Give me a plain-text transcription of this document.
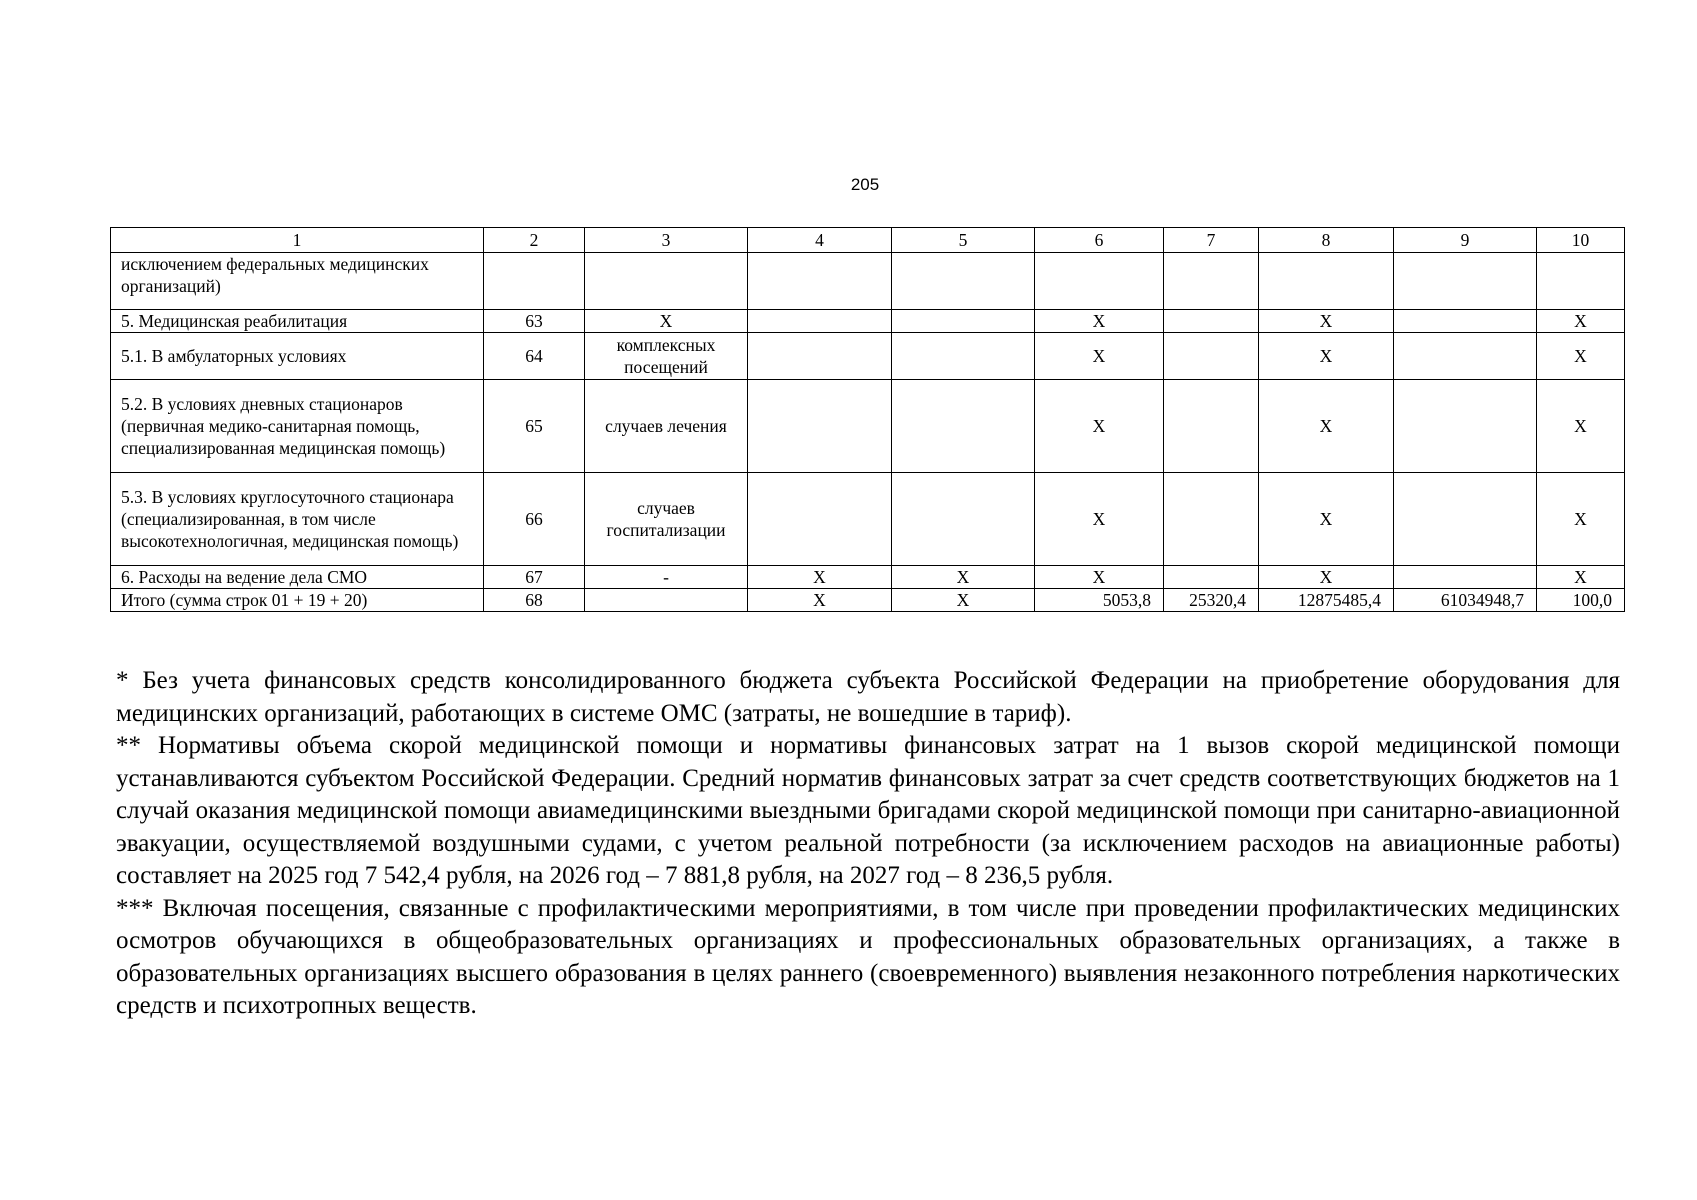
205
1	2	3	4	5	6	7	8	9	10
исключением федеральных медицинских организаций)									
5. Медицинская реабилитация	63	X			X		X		X
5.1. В амбулаторных условиях	64	комплексных посещений			X		X		X
5.2. В условиях дневных стационаров (первичная медико-санитарная помощь, специализированная медицинская помощь)	65	случаев лечения			X		X		X
5.3. В условиях круглосуточного стационара (специализированная, в том числе высокотехнологичная, медицинская помощь)	66	случаев госпитализации			X		X		X
6. Расходы на ведение дела СМО	67	-	X	X	X		X		X
Итого (сумма строк 01 + 19 + 20)	68		X	X	5053,8	25320,4	12875485,4	61034948,7	100,0

* Без учета финансовых средств консолидированного бюджета субъекта Российской Федерации на приобретение оборудования для медицинских организаций, работающих в системе ОМС (затраты, не вошедшие в тариф).

** Нормативы объема скорой медицинской помощи и нормативы финансовых затрат на 1 вызов скорой медицинской помощи устанавливаются субъектом Российской Федерации. Средний норматив финансовых затрат за счет средств соответствующих бюджетов на 1 случай оказания медицинской помощи авиамедицинскими выездными бригадами скорой медицинской помощи при санитарно-авиационной эвакуации, осуществляемой воздушными судами, с учетом реальной потребности (за исключением расходов на авиационные работы) составляет на 2025 год 7 542,4 рубля, на 2026 год – 7 881,8 рубля, на 2027 год – 8 236,5 рубля.

*** Включая посещения, связанные с профилактическими мероприятиями, в том числе при проведении профилактических медицинских осмотров обучающихся в общеобразовательных организациях и профессиональных образовательных организациях, а также в образовательных организациях высшего образования в целях раннего (своевременного) выявления незаконного потребления наркотических средств и психотропных веществ.
